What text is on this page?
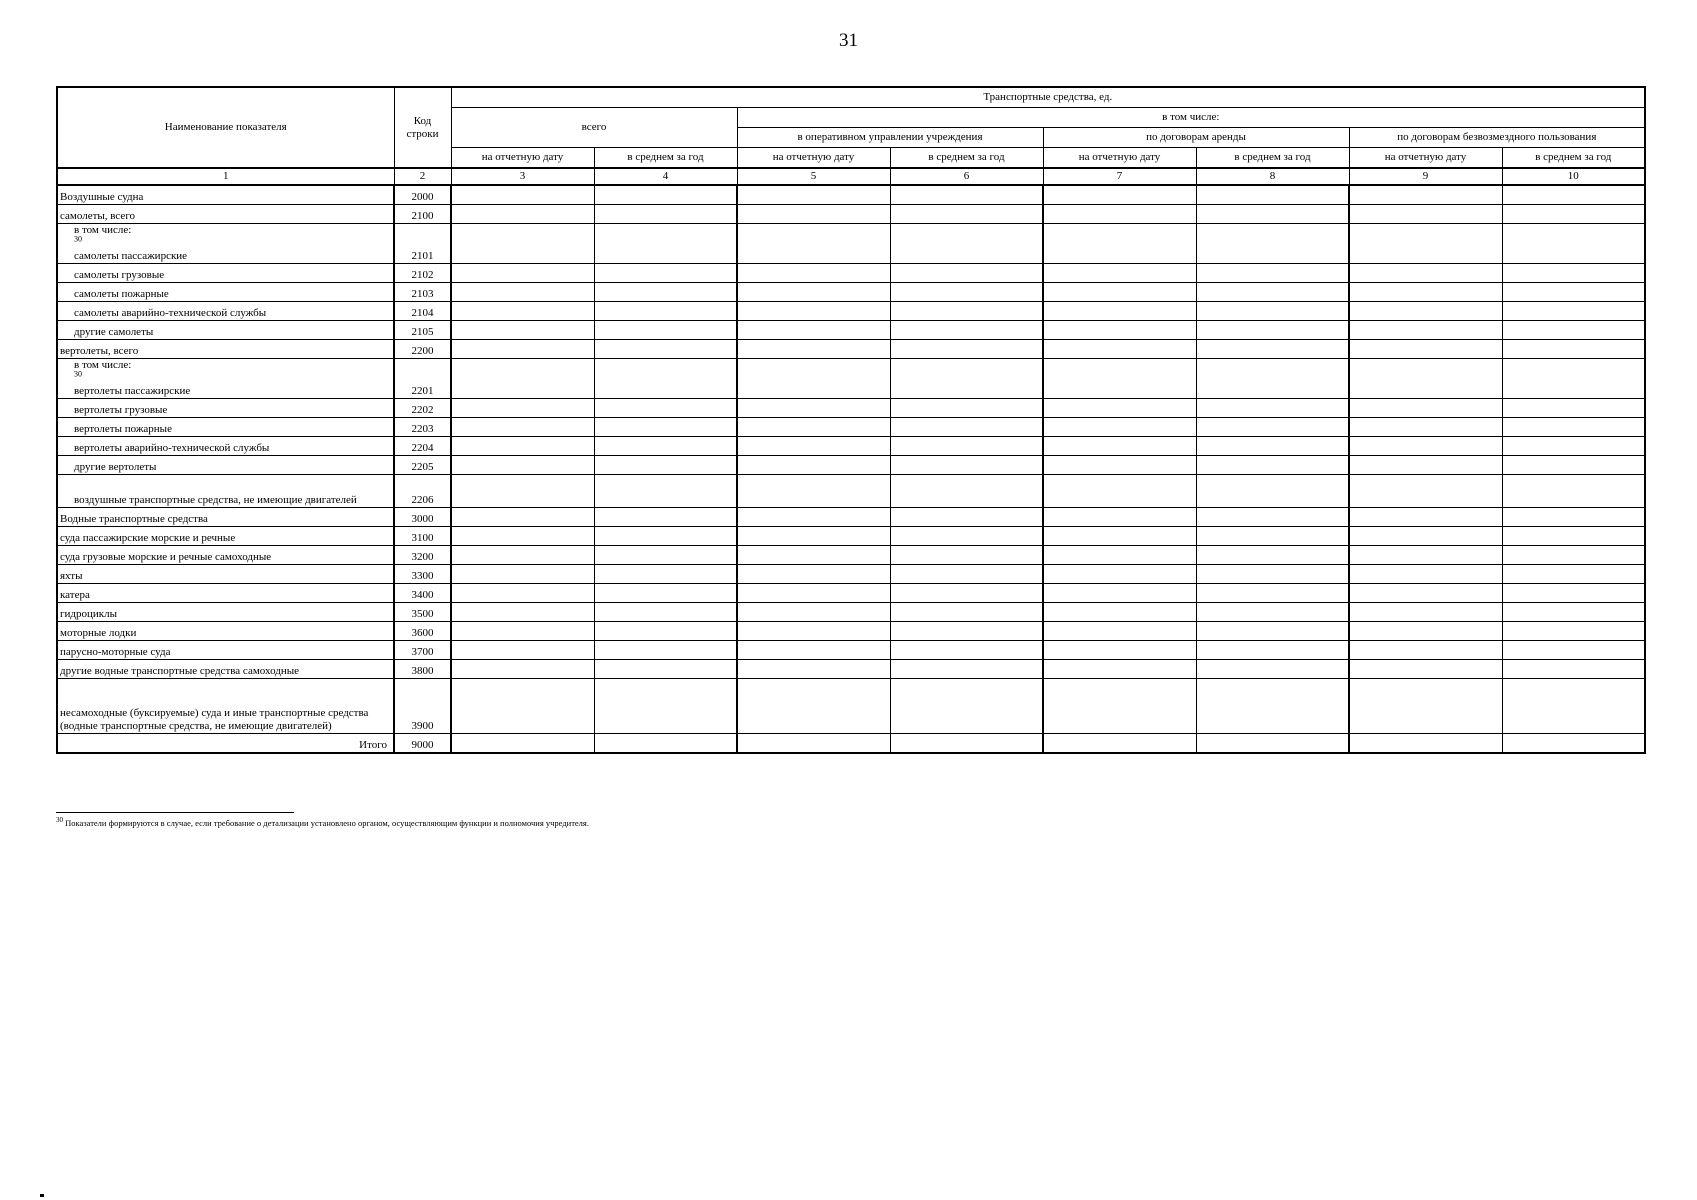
31
Наименование показателя	Код строки	Транспортные средства, ед.							
		всего		в том числе:					
				в оперативном управлении учреждения		по договорам аренды		по договорам безвозмездного пользования	
		на отчетную дату	в среднем за год	на отчетную дату	в среднем за год	на отчетную дату	в среднем за год	на отчетную дату	в среднем за год
1	2	3	4	5	6	7	8	9	10
Воздушные судна	2000								
самолеты, всего	2100								

в том числе:
$^{30}$
самолеты пассажирские	2101								
самолеты грузовые	2102								
самолеты пожарные	2103								
самолеты аварийно-технической службы	2104								
другие самолеты	2105								
вертолеты, всего	2200								

в том числе:
$^{30}$
вертолеты пассажирские	2201								
вертолеты грузовые	2202								
вертолеты пожарные	2203								
вертолеты аварийно-технической службы	2204								
другие вертолеты	2205								
воздушные транспортные средства, не имеющие двигателей	2206								
Водные транспортные средства	3000								
суда пассажирские морские и речные	3100								
суда грузовые морские и речные самоходные	3200								
яхты	3300								
катера	3400								
гидроциклы	3500								
моторные лодки	3600								
парусно-моторные суда	3700								
другие водные транспортные средства самоходные	3800								
несамоходные (буксируемые) суда и иные транспортные средства (водные транспортные средства, не имеющие двигателей)	3900								
Итого	9000								
$^{30}$ Показатели формируются в случае, если требование о детализации установлено органом, осуществляющим функции и полномочия учредителя.
